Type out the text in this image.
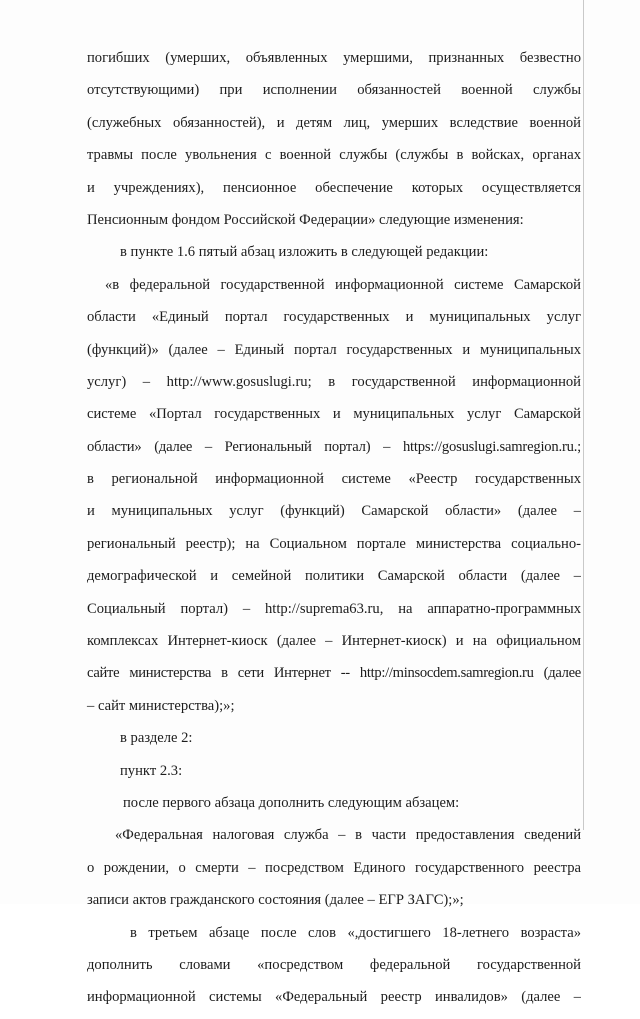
погибших (умерших, объявленных умершими, признанных безвестно
отсутствующими) при исполнении обязанностей военной службы
(служебных обязанностей), и детям лиц, умерших вследствие военной
травмы после увольнения с военной службы (службы в войсках, органах
и учреждениях), пенсионное обеспечение которых осуществляется
Пенсионным фондом Российской Федерации» следующие изменения:
в пункте 1.6 пятый абзац изложить в следующей редакции:
«в федеральной государственной информационной системе Самарской
области «Единый портал государственных и муниципальных услуг
(функций)» (далее – Единый портал государственных и муниципальных
услуг) – http://www.gosuslugi.ru; в государственной информационной
системе «Портал государственных и муниципальных услуг Самарской
области» (далее – Региональный портал) – https://gosuslugi.samregion.ru.;
в региональной информационной системе «Реестр государственных
и муниципальных услуг (функций) Самарской области» (далее –
региональный реестр); на Социальном портале министерства социально-
демографической и семейной политики Самарской области (далее –
Социальный портал) – http://suprema63.ru, на аппаратно-программных
комплексах Интернет-киоск (далее – Интернет-киоск) и на официальном
сайте министерства в сети Интернет -- http://minsocdem.samregion.ru (далее
– сайт министерства);»;
в разделе 2:
пункт 2.3:
после первого абзаца дополнить следующим абзацем:
«Федеральная налоговая служба – в части предоставления сведений
о рождении, о смерти – посредством Единого государственного реестра
записи актов гражданского состояния (далее – ЕГР ЗАГС);»;
в третьем абзаце после слов «,достигшего 18-летнего возраста»
дополнить словами «посредством федеральной государственной
информационной системы «Федеральный реестр инвалидов» (далее –
